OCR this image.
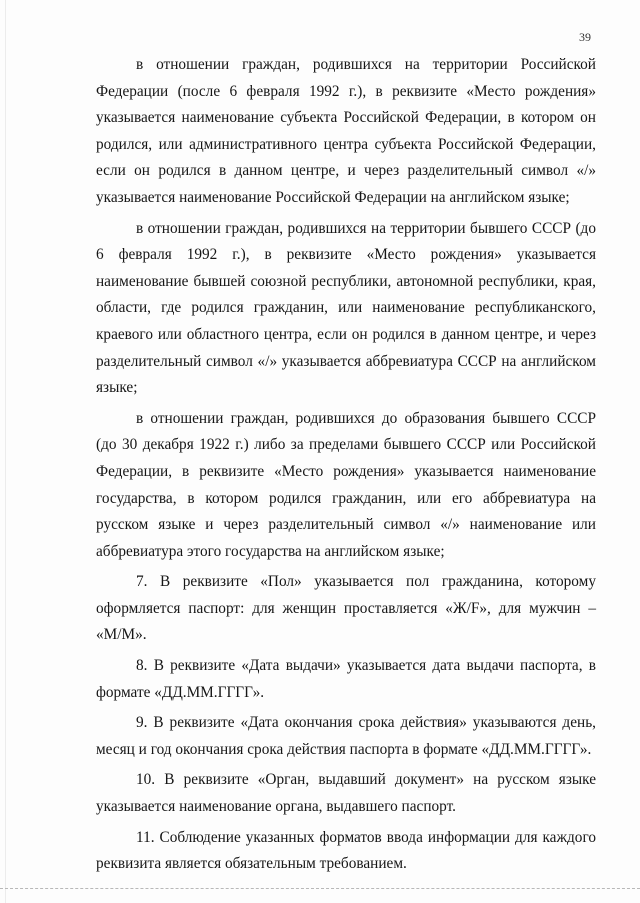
39

в отношении граждан, родившихся на территории Российской Федерации (после 6 февраля 1992 г.), в реквизите «Место рождения» указывается наименование субъекта Российской Федерации, в котором он родился, или административного центра субъекта Российской Федерации, если он родился в данном центре, и через разделительный символ «/» указывается наименование Российской Федерации на английском языке;

в отношении граждан, родившихся на территории бывшего СССР (до 6 февраля 1992 г.), в реквизите «Место рождения» указывается наименование бывшей союзной республики, автономной республики, края, области, где родился гражданин, или наименование республиканского, краевого или областного центра, если он родился в данном центре, и через разделительный символ «/» указывается аббревиатура СССР на английском языке;

в отношении граждан, родившихся до образования бывшего СССР (до 30 декабря 1922 г.) либо за пределами бывшего СССР или Российской Федерации, в реквизите «Место рождения» указывается наименование государства, в котором родился гражданин, или его аббревиатура на русском языке и через разделительный символ «/» наименование или аббревиатура этого государства на английском языке;

7. В реквизите «Пол» указывается пол гражданина, которому оформляется паспорт: для женщин проставляется «Ж/F», для мужчин – «М/M».

8. В реквизите «Дата выдачи» указывается дата выдачи паспорта, в формате «ДД.ММ.ГГГГ».

9. В реквизите «Дата окончания срока действия» указываются день, месяц и год окончания срока действия паспорта в формате «ДД.ММ.ГГГГ».

10. В реквизите «Орган, выдавший документ» на русском языке указывается наименование органа, выдавшего паспорт.

11. Соблюдение указанных форматов ввода информации для каждого реквизита является обязательным требованием.
